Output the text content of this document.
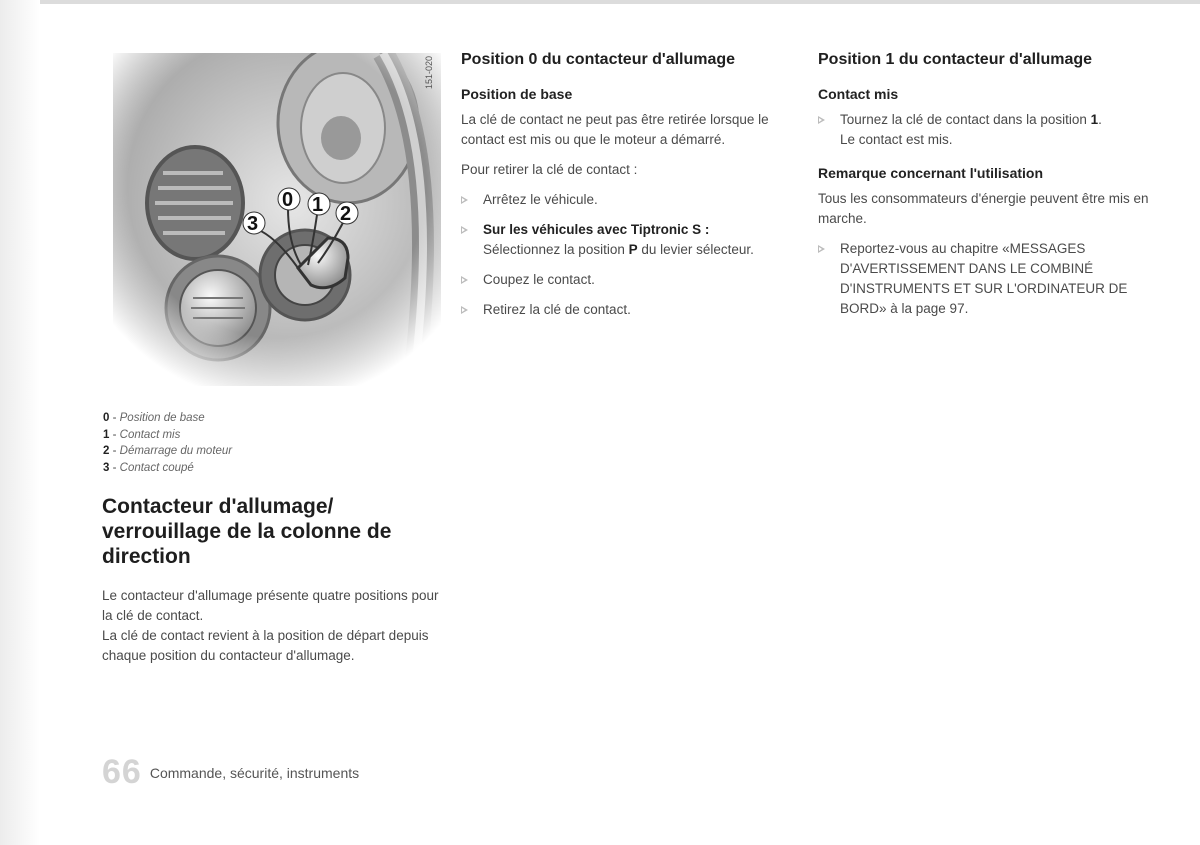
151-020
0 - Position de base
1 - Contact mis
2 - Démarrage du moteur
3 - Contact coupé
Contacteur d'allumage/ verrouillage de la colonne de direction
Le contacteur d'allumage présente quatre positions pour la clé de contact.
La clé de contact revient à la position de départ depuis chaque position du contacteur d'allumage.
Position 0 du contacteur d'allumage
Position de base

La clé de contact ne peut pas être retirée lorsque le contact est mis ou que le moteur a démarré.

Pour retirer la clé de contact :

Arrêtez le véhicule.
Sur les véhicules avec Tiptronic S :
Sélectionnez la position P du levier sélecteur.
Coupez le contact.
Retirez la clé de contact.
Position 1 du contacteur d'allumage
Contact mis
Tournez la clé de contact dans la position 1.
Le contact est mis.
Remarque concernant l'utilisation

Tous les consommateurs d'énergie peuvent être mis en marche.

Reportez-vous au chapitre «MESSAGES D'AVERTISSEMENT DANS LE COMBINÉ D'INSTRUMENTS ET SUR L'ORDINATEUR DE BORD» à la page 97.
66 Commande, sécurité, instruments
